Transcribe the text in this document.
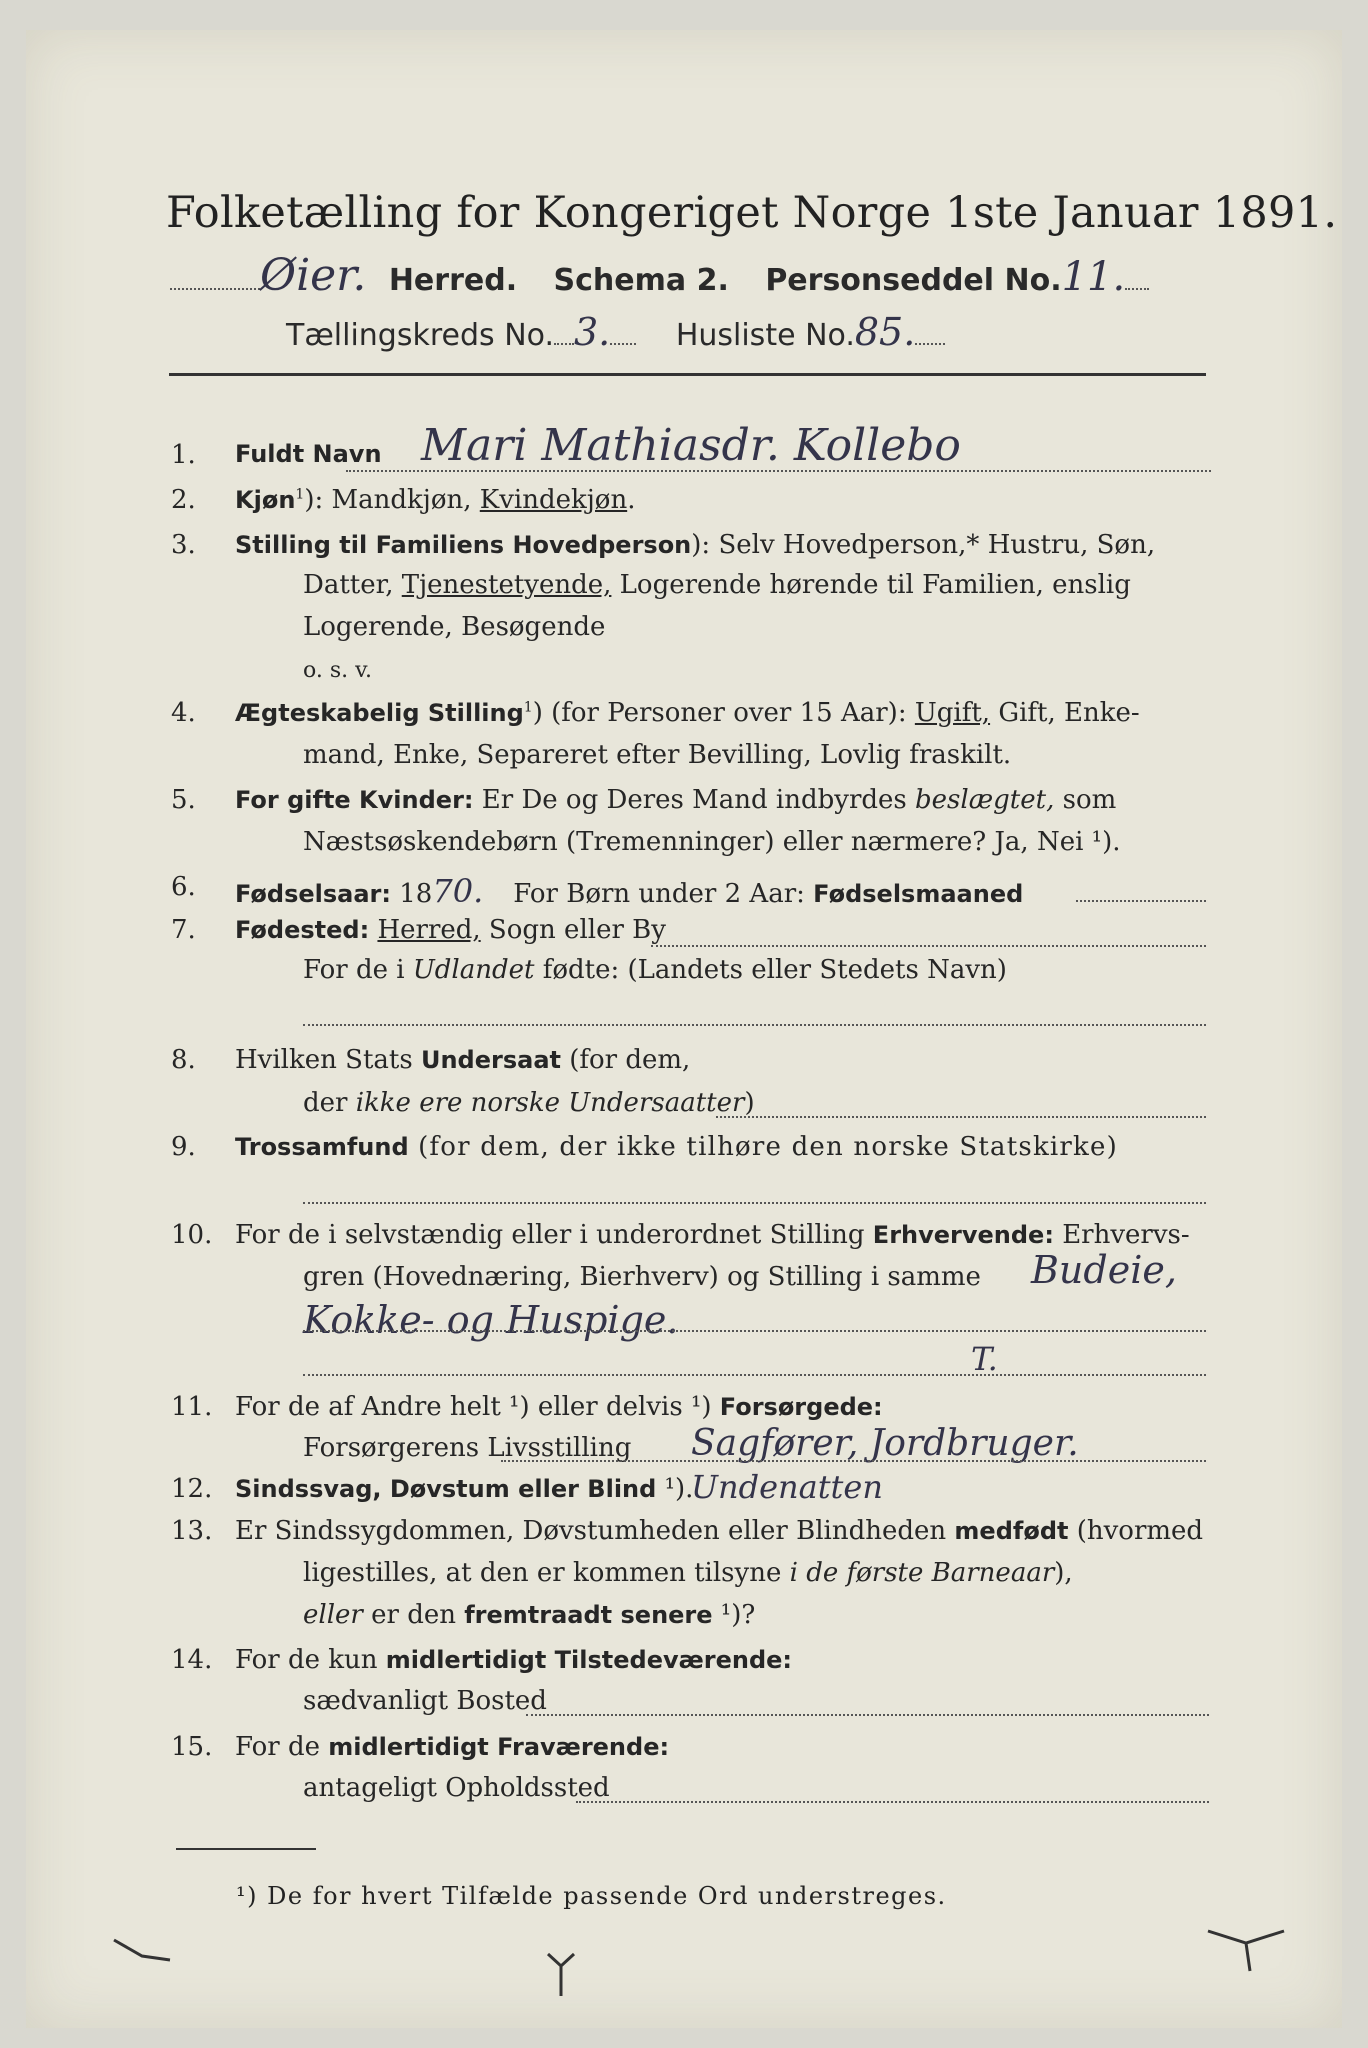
Folketælling for Kongeriget Norge 1ste Januar 1891.
Øier. Herred. Schema 2. Personseddel No.11.
Tællingskreds No. 3. Husliste No.85.
1.	Fuldt Navn Mari Mathiasdr. Kollebo
2.	Kjøn$^1$): Mandkjøn, Kvindekjøn.
3.	Stilling til Familiens Hovedperson): Selv Hovedperson,* Hustru, Søn,
Datter, Tjenestetyende, Logerende hørende til Familien, enslig
Logerende, Besøgende
o. s. v.
4.	Ægteskabelig Stilling$^1$) (for Personer over 15 Aar): Ugift, Gift, Enke-
mand, Enke, Separeret efter Bevilling, Lovlig fraskilt.
5.	For gifte Kvinder: Er De og Deres Mand indbyrdes beslægtet, som
Næstsøskendebørn (Tremenninger) eller nærmere? Ja, Nei ¹).
6.	Fødselsaar: 1870. For Børn under 2 Aar: Fødselsmaaned
7.	Fødested: Herred, Sogn eller By
For de i Udlandet fødte: (Landets eller Stedets Navn)
8.	Hvilken Stats Undersaat (for dem,
der ikke ere norske Undersaatter)
9.	Trossamfund (for dem, der ikke tilhøre den norske Statskirke)
10. For de i selvstændig eller i underordnet Stilling Erhvervende: Erhvervs-
gren (Hovednæring, Bierhverv) og Stilling i samme Budeie,
Kokke- og Huspige.
T.
11. For de af Andre helt ¹) eller delvis ¹) Forsørgede:
Forsørgerens Livsstilling Sagfører, Jordbruger.
12. Sindssvag, Døvstum eller Blind ¹).
Undenatten
13. Er Sindssygdommen, Døvstumheden eller Blindheden medfødt (hvormed
ligestilles, at den er kommen tilsyne i de første Barneaar),
eller er den fremtraadt senere ¹)?
14. For de kun midlertidigt Tilstedeværende:
sædvanligt Bosted
15. For de midlertidigt Fraværende:
antageligt Opholdssted
¹) De for hvert Tilfælde passende Ord understreges.
